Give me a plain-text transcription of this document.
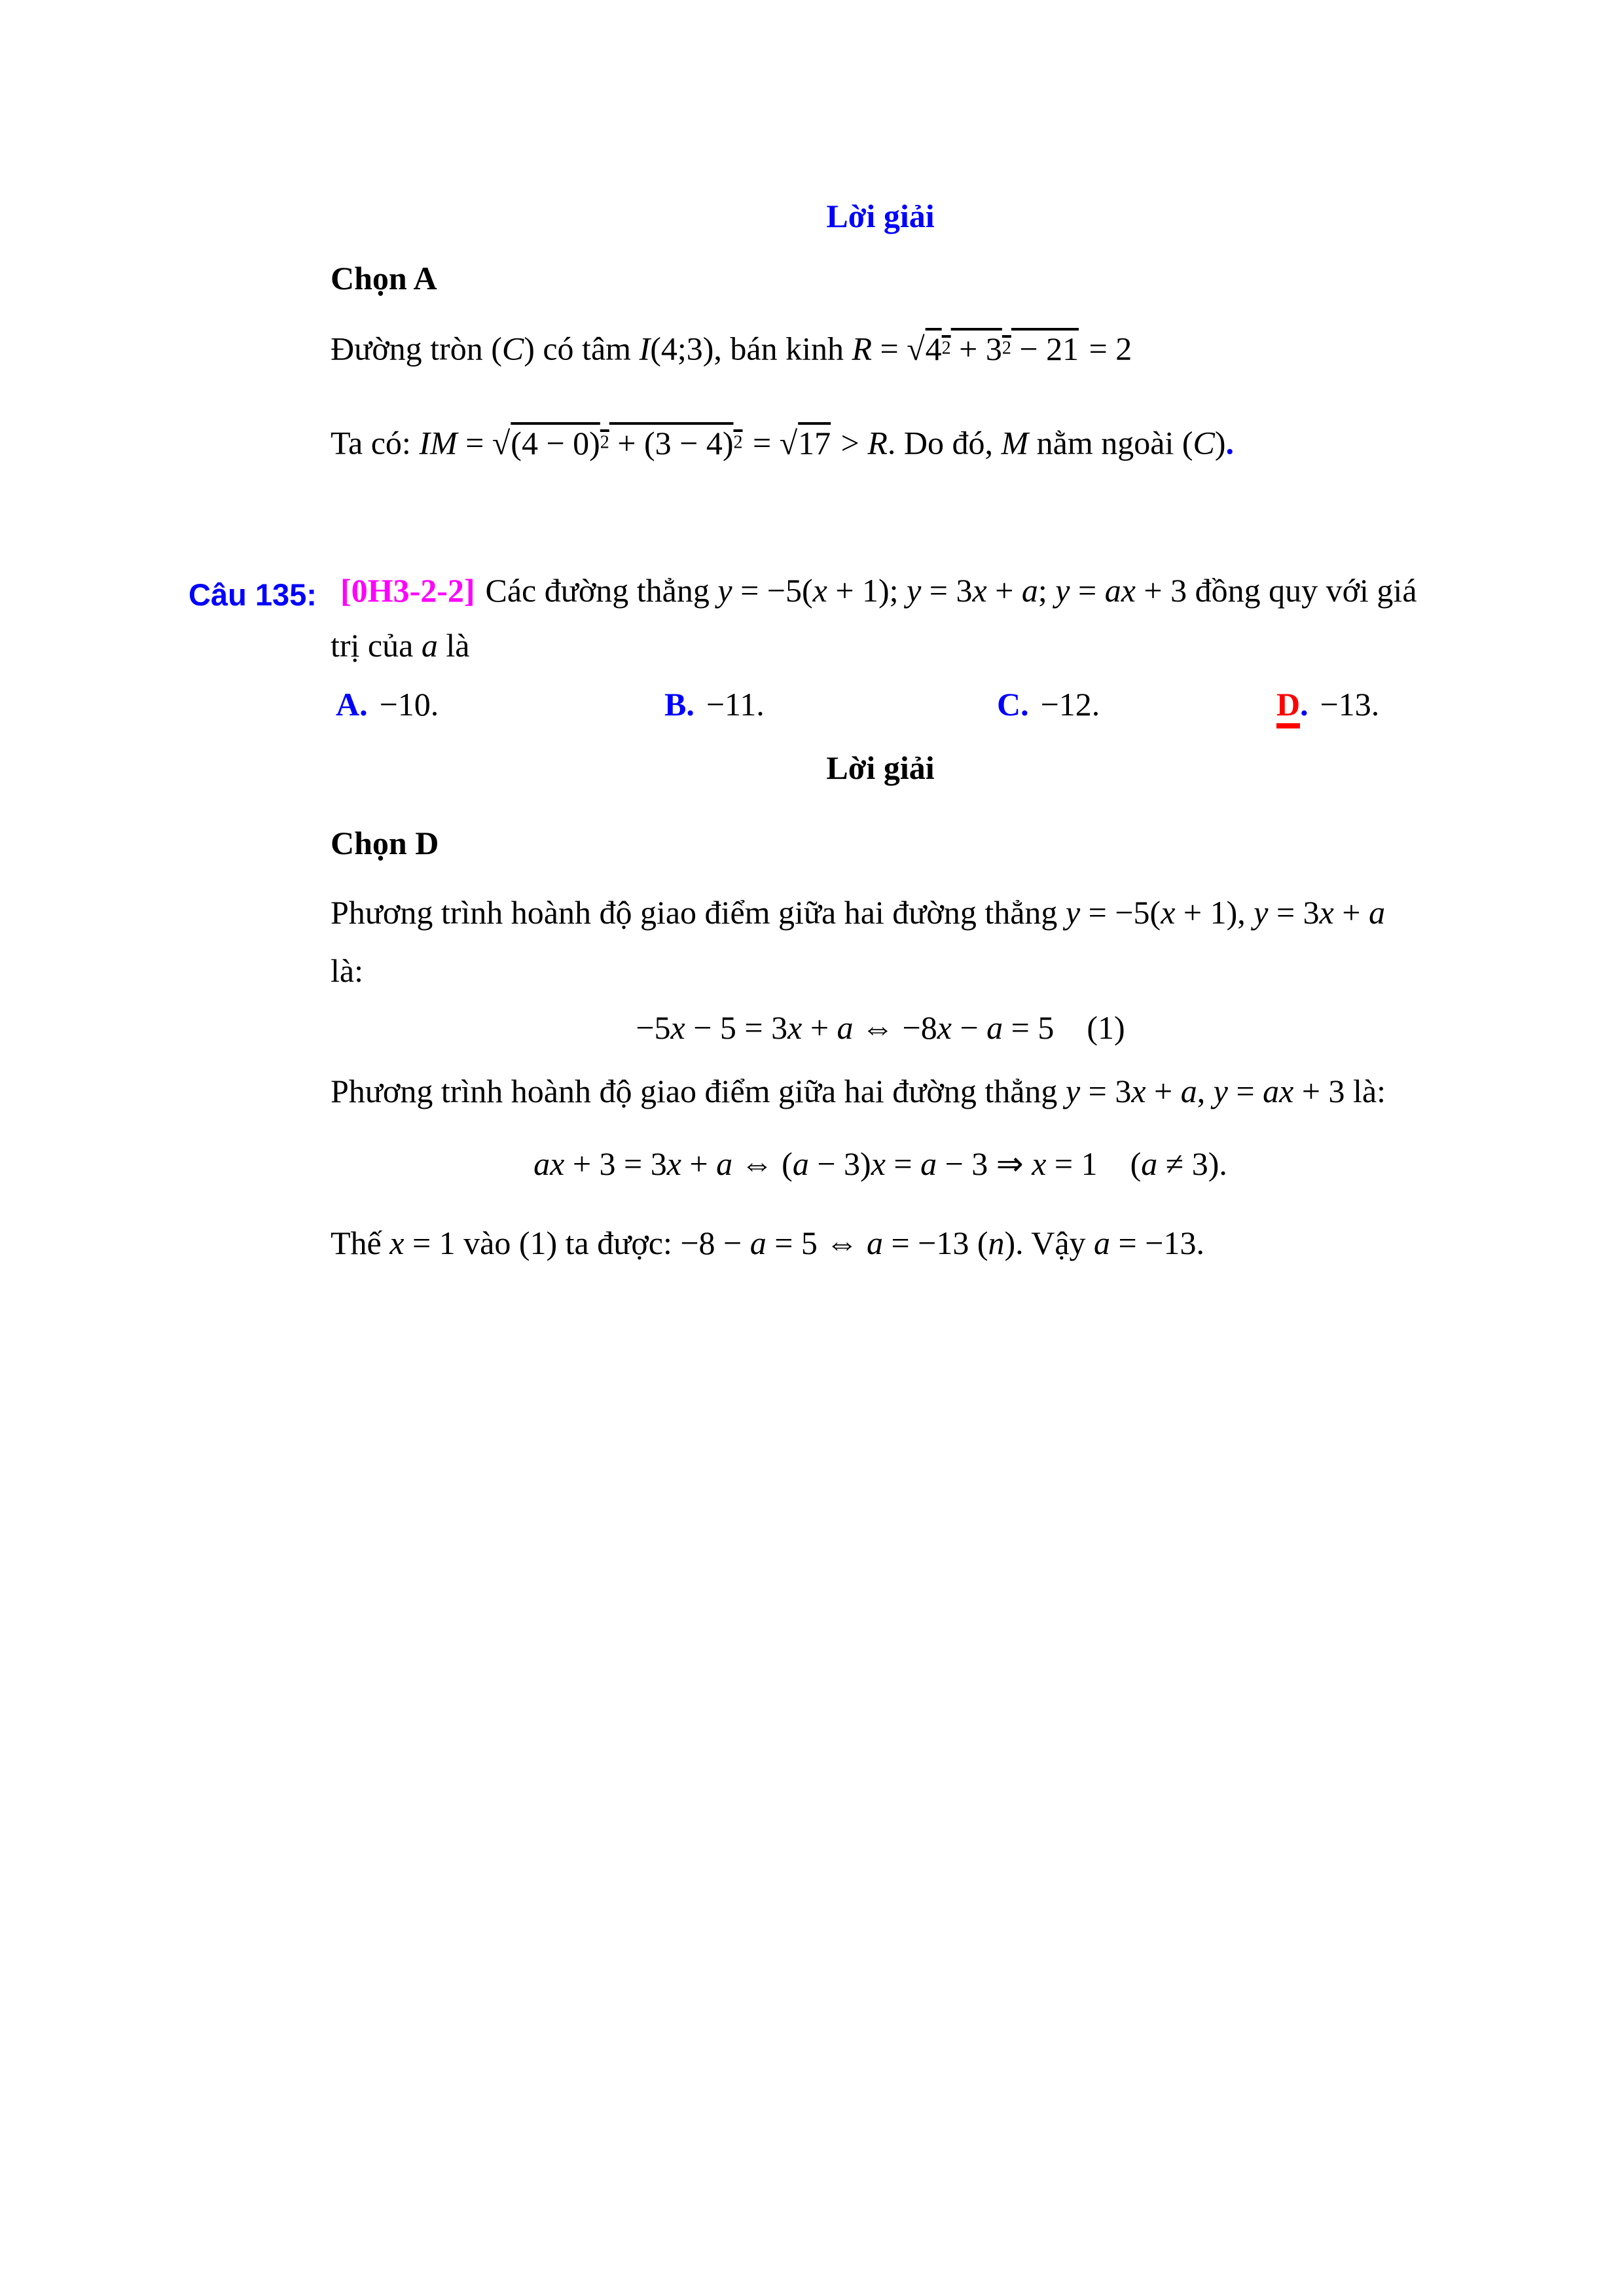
Lời giải
Chọn A
Đường tròn (C) có tâm I(4;3), bán kinh R = √42 + 32 − 21 = 2
Ta có: IM = √(4 − 0)2 + (3 − 4)2 = √17 > R. Do đó, M nằm ngoài (C).
Câu 135: [0H3-2-2] Các đường thẳng y = −5(x + 1); y = 3x + a; y = ax + 3 đồng quy với giá
trị của a là
A. −10.	B. −11.	C. −12.	D. −13.
Lời giải
Chọn D
Phương trình hoành độ giao điểm giữa hai đường thẳng y = −5(x + 1), y = 3x + a
là:
−5x − 5 = 3x + a ⇔ −8x − a = 5 (1)
Phương trình hoành độ giao điểm giữa hai đường thẳng y = 3x + a, y = ax + 3 là:
ax + 3 = 3x + a ⇔ (a − 3)x = a − 3 ⇒ x = 1 (a ≠ 3).
Thế x = 1 vào (1) ta được: −8 − a = 5 ⇔ a = −13 (n). Vậy a = −13.
